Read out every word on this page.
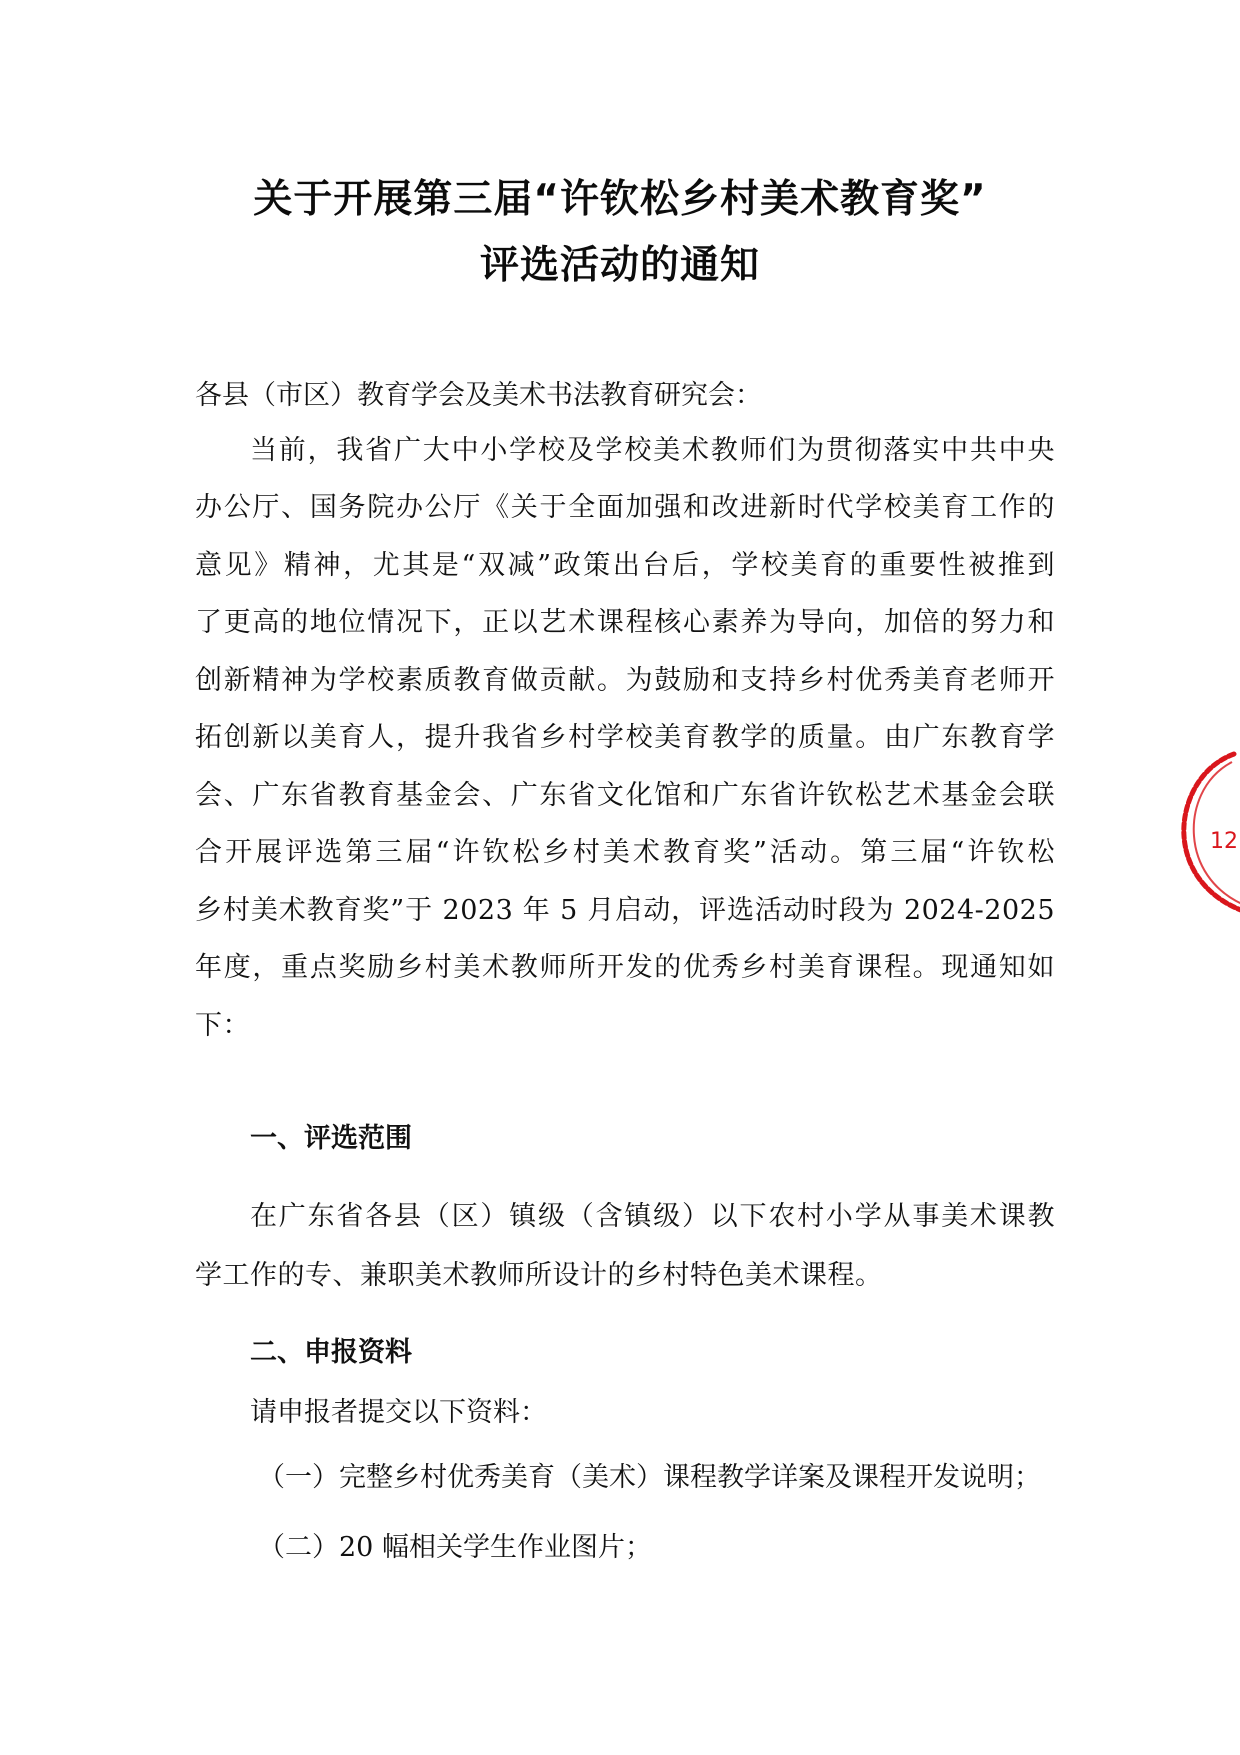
关于开展第三届“许钦松乡村美术教育奖”
评选活动的通知
各县（市区）教育学会及美术书法教育研究会：
当前，我省广大中小学校及学校美术教师们为贯彻落实中共中央
办公厅、国务院办公厅《关于全面加强和改进新时代学校美育工作的
意见》精神，尤其是“双减”政策出台后，学校美育的重要性被推到
了更高的地位情况下，正以艺术课程核心素养为导向，加倍的努力和
创新精神为学校素质教育做贡献。为鼓励和支持乡村优秀美育老师开
拓创新以美育人，提升我省乡村学校美育教学的质量。由广东教育学
会、广东省教育基金会、广东省文化馆和广东省许钦松艺术基金会联
合开展评选第三届“许钦松乡村美术教育奖”活动。第三届“许钦松
乡村美术教育奖”于 2023 年 5 月启动，评选活动时段为 2024-2025
年度，重点奖励乡村美术教师所开发的优秀乡村美育课程。现通知如
下：
一、评选范围
在广东省各县（区）镇级（含镇级）以下农村小学从事美术课教
学工作的专、兼职美术教师所设计的乡村特色美术课程。
二、申报资料
请申报者提交以下资料：
（一）完整乡村优秀美育（美术）课程教学详案及课程开发说明；
（二）20 幅相关学生作业图片；
12
